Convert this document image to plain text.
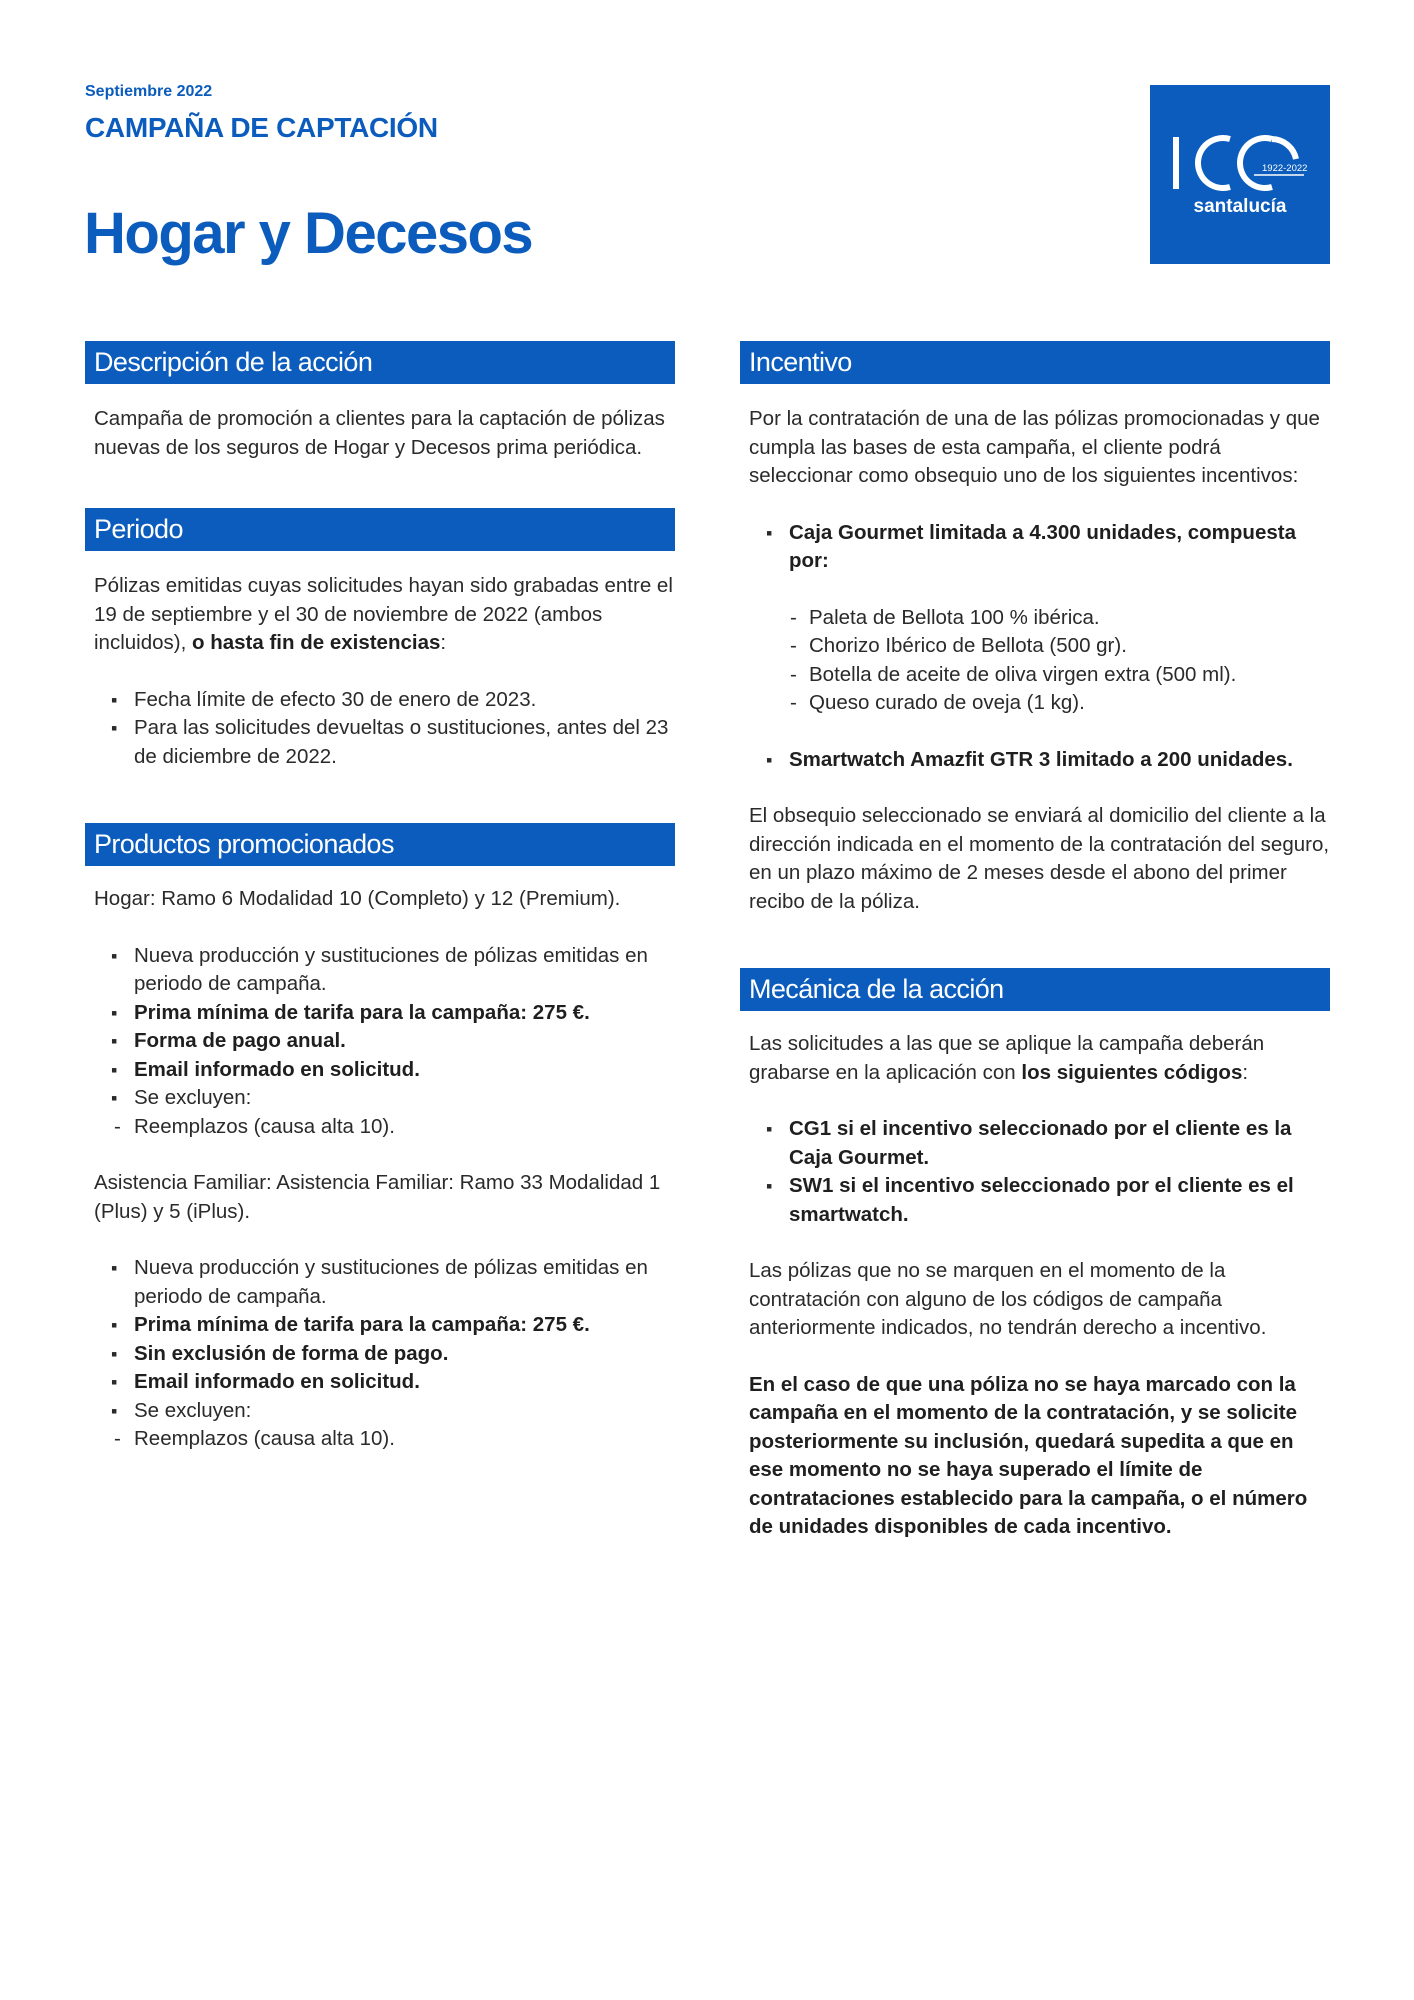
Septiembre 2022
CAMPAÑA DE CAPTACIÓN
Hogar y Decesos
1922-2022
santalucía
Descripción de la acción

Campaña de promoción a clientes para la captación de pólizas nuevas de los seguros de Hogar y Decesos prima periódica.

Periodo

Pólizas emitidas cuyas solicitudes hayan sido grabadas entre el 19 de septiembre y el 30 de noviembre de 2022 (ambos incluidos), o hasta fin de existencias:

▪ Fecha límite de efecto 30 de enero de 2023.
▪ Para las solicitudes devueltas o sustituciones, antes del 23 de diciembre de 2022.
Productos promocionados

Hogar: Ramo 6 Modalidad 10 (Completo) y 12 (Premium).

▪ Nueva producción y sustituciones de pólizas emitidas en periodo de campaña.
▪ Prima mínima de tarifa para la campaña: 275 €.
▪ Forma de pago anual.
▪ Email informado en solicitud.
▪ Se excluyen:
- Reemplazos (causa alta 10).

Asistencia Familiar: Asistencia Familiar: Ramo 33 Modalidad 1 (Plus) y 5 (iPlus).

▪ Nueva producción y sustituciones de pólizas emitidas en periodo de campaña.
▪ Prima mínima de tarifa para la campaña: 275 €.
▪ Sin exclusión de forma de pago.
▪ Email informado en solicitud.
▪ Se excluyen:
- Reemplazos (causa alta 10).
Incentivo

Por la contratación de una de las pólizas promocionadas y que cumpla las bases de esta campaña, el cliente podrá seleccionar como obsequio uno de los siguientes incentivos:

▪ Caja Gourmet limitada a 4.300 unidades, compuesta por:
- Paleta de Bellota 100 % ibérica.
- Chorizo Ibérico de Bellota (500 gr).
- Botella de aceite de oliva virgen extra (500 ml).
- Queso curado de oveja (1 kg).
▪ Smartwatch Amazfit GTR 3 limitado a 200 unidades.

El obsequio seleccionado se enviará al domicilio del cliente a la dirección indicada en el momento de la contratación del seguro, en un plazo máximo de 2 meses desde el abono del primer recibo de la póliza.

Mecánica de la acción

Las solicitudes a las que se aplique la campaña deberán grabarse en la aplicación con los siguientes códigos:

▪ CG1 si el incentivo seleccionado por el cliente es la Caja Gourmet.
▪ SW1 si el incentivo seleccionado por el cliente es el smartwatch.

Las pólizas que no se marquen en el momento de la contratación con alguno de los códigos de campaña anteriormente indicados, no tendrán derecho a incentivo.

En el caso de que una póliza no se haya marcado con la campaña en el momento de la contratación, y se solicite posteriormente su inclusión, quedará supedita a que en ese momento no se haya superado el límite de contrataciones establecido para la campaña, o el número de unidades disponibles de cada incentivo.
